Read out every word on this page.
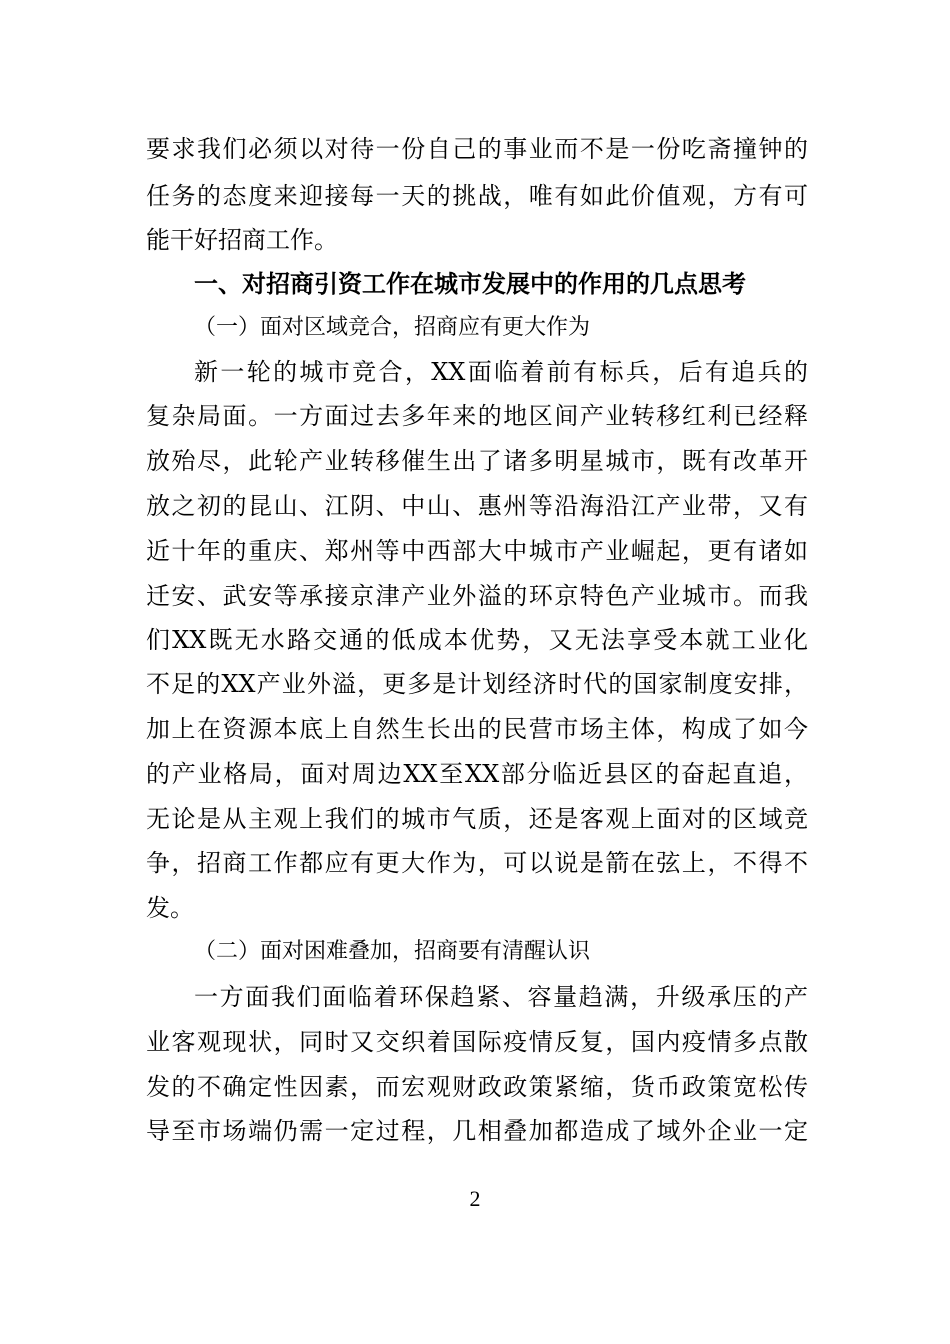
要求我们必须以对待一份自己的事业而不是一份吃斋撞钟的
任务的态度来迎接每一天的挑战，唯有如此价值观，方有可
能干好招商工作。
一、对招商引资工作在城市发展中的作用的几点思考
（一）面对区域竞合，招商应有更大作为
新一轮的城市竞合，XX面临着前有标兵，后有追兵的
复杂局面。一方面过去多年来的地区间产业转移红利已经释
放殆尽，此轮产业转移催生出了诸多明星城市，既有改革开
放之初的昆山、江阴、中山、惠州等沿海沿江产业带，又有
近十年的重庆、郑州等中西部大中城市产业崛起，更有诸如
迁安、武安等承接京津产业外溢的环京特色产业城市。而我
们XX既无水路交通的低成本优势，又无法享受本就工业化
不足的XX产业外溢，更多是计划经济时代的国家制度安排，
加上在资源本底上自然生长出的民营市场主体，构成了如今
的产业格局，面对周边XX至XX部分临近县区的奋起直追，
无论是从主观上我们的城市气质，还是客观上面对的区域竞
争，招商工作都应有更大作为，可以说是箭在弦上，不得不
发。
（二）面对困难叠加，招商要有清醒认识
一方面我们面临着环保趋紧、容量趋满，升级承压的产
业客观现状，同时又交织着国际疫情反复，国内疫情多点散
发的不确定性因素，而宏观财政政策紧缩，货币政策宽松传
导至市场端仍需一定过程，几相叠加都造成了域外企业一定
2
